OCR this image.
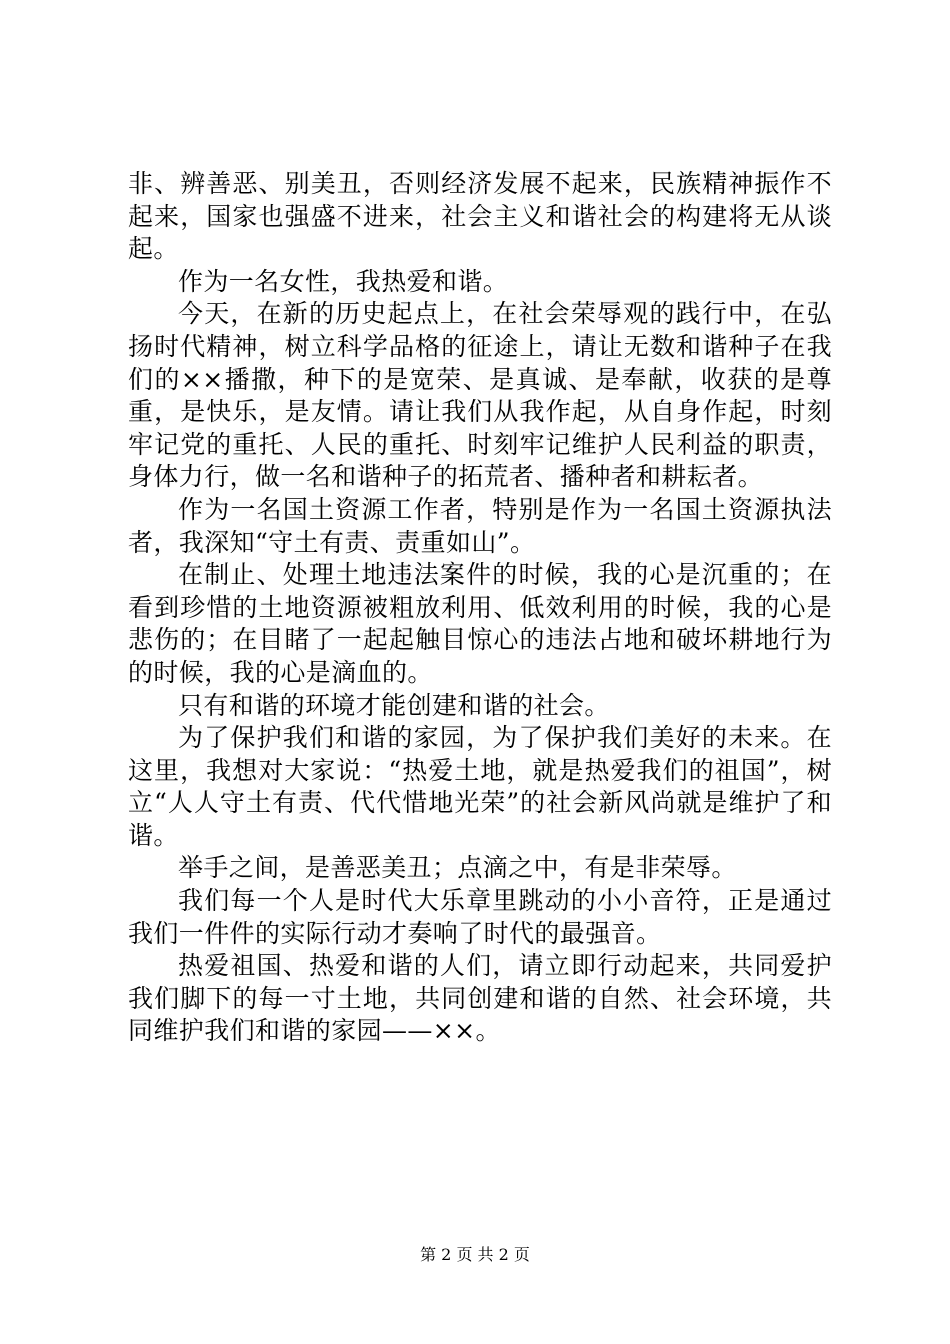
非、辨善恶、别美丑，否则经济发展不起来，民族精神振作不起来，国家也强盛不进来，社会主义和谐社会的构建将无从谈起。

作为一名女性，我热爱和谐。

今天，在新的历史起点上，在社会荣辱观的践行中，在弘扬时代精神，树立科学品格的征途上，请让无数和谐种子在我们的××播撒，种下的是宽荣、是真诚、是奉献，收获的是尊重，是快乐，是友情。请让我们从我作起，从自身作起，时刻牢记党的重托、人民的重托、时刻牢记维护人民利益的职责，身体力行，做一名和谐种子的拓荒者、播种者和耕耘者。

作为一名国土资源工作者，特别是作为一名国土资源执法者，我深知“守土有责、责重如山”。

在制止、处理土地违法案件的时候，我的心是沉重的；在看到珍惜的土地资源被粗放利用、低效利用的时候，我的心是悲伤的；在目睹了一起起触目惊心的违法占地和破坏耕地行为的时候，我的心是滴血的。

只有和谐的环境才能创建和谐的社会。

为了保护我们和谐的家园，为了保护我们美好的未来。在这里，我想对大家说：“热爱土地，就是热爱我们的祖国”，树立“人人守土有责、代代惜地光荣”的社会新风尚就是维护了和谐。

举手之间，是善恶美丑；点滴之中，有是非荣辱。

我们每一个人是时代大乐章里跳动的小小音符，正是通过我们一件件的实际行动才奏响了时代的最强音。

热爱祖国、热爱和谐的人们，请立即行动起来，共同爱护我们脚下的每一寸土地，共同创建和谐的自然、社会环境，共同维护我们和谐的家园——××。

第 2 页 共 2 页
